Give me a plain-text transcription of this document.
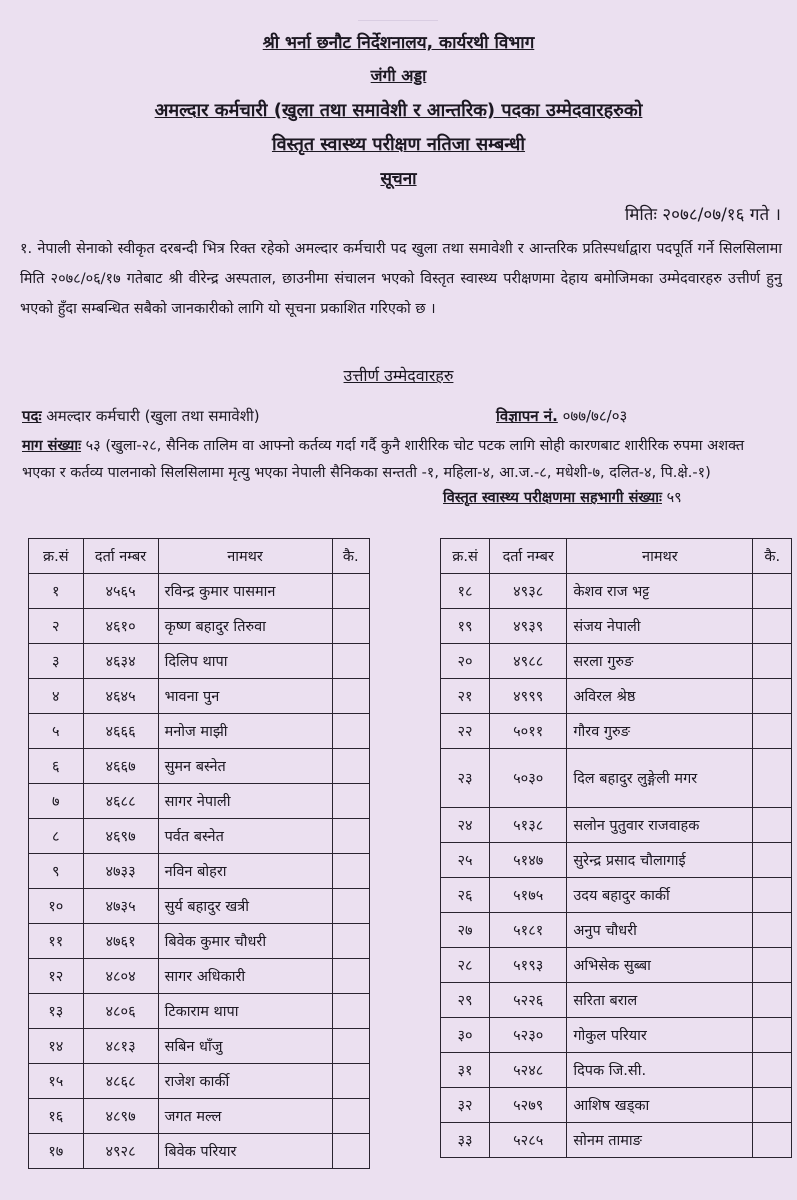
श्री भर्ना छनौट निर्देशनालय, कार्यरथी विभाग
जंगी अड्डा
अमल्दार कर्मचारी (खुला तथा समावेशी र आन्तरिक) पदका उम्मेदवारहरुको
विस्तृत स्वास्थ्य परीक्षण नतिजा सम्बन्धी
सूचना
मितिः २०७८/०७/१६ गते ।
१. नेपाली सेनाको स्वीकृत दरबन्दी भित्र रिक्त रहेको अमल्दार कर्मचारी पद खुला तथा समावेशी र आन्तरिक प्रतिस्पर्धाद्वारा पदपूर्ति गर्ने सिलसिलामा मिति २०७८/०६/१७ गतेबाट श्री वीरेन्द्र अस्पताल, छाउनीमा संचालन भएको विस्तृत स्वास्थ्य परीक्षणमा देहाय बमोजिमका उम्मेदवारहरु उत्तीर्ण हुनु भएको हुँदा सम्बन्धित सबैको जानकारीको लागि यो सूचना प्रकाशित गरिएको छ ।
उत्तीर्ण उम्मेदवारहरु
पदः अमल्दार कर्मचारी (खुला तथा समावेशी)	विज्ञापन नं. ०७७/७८/०३
माग संख्याः ५३ (खुला-२८, सैनिक तालिम वा आफ्नो कर्तव्य गर्दा गर्दै कुनै शारीरिक चोट पटक लागि सोही कारणबाट शारीरिक रुपमा अशक्त भएका र कर्तव्य पालनाको सिलसिलामा मृत्यु भएका नेपाली सैनिकका सन्तती -१, महिला-४, आ.ज.-८, मधेशी-७, दलित-४, पि.क्षे.-१)
विस्तृत स्वास्थ्य परीक्षणमा सहभागी संख्याः ५९
क्र.सं	दर्ता नम्बर	नामथर	कै.
१	४५६५	रविन्द्र कुमार पासमान	
२	४६१०	कृष्ण बहादुर तिरुवा	
३	४६३४	दिलिप थापा	
४	४६४५	भावना पुन	
५	४६६६	मनोज माझी	
६	४६६७	सुमन बस्नेत	
७	४६८८	सागर नेपाली	
८	४६९७	पर्वत बस्नेत	
९	४७३३	नविन बोहरा	
१०	४७३५	सुर्य बहादुर खत्री	
११	४७६१	बिवेक कुमार चौधरी	
१२	४८०४	सागर अधिकारी	
१३	४८०६	टिकाराम थापा	
१४	४८१३	सबिन धाँजु	
१५	४८६८	राजेश कार्की	
१६	४८९७	जगत मल्ल	
१७	४९२८	बिवेक परियार	
क्र.सं	दर्ता नम्बर	नामथर	कै.
१८	४९३८	केशव राज भट्ट	
१९	४९३९	संजय नेपाली	
२०	४९८८	सरला गुरुङ	
२१	४९९९	अविरल श्रेष्ठ	
२२	५०११	गौरव गुरुङ	
२३	५०३०	दिल बहादुर लुङ्गेली मगर	
२४	५१३८	सलोन पुतुवार राजवाहक	
२५	५१४७	सुरेन्द्र प्रसाद चौलागाई	
२६	५१७५	उदय बहादुर कार्की	
२७	५१८१	अनुप चौधरी	
२८	५१९३	अभिसेक सुब्बा	
२९	५२२६	सरिता बराल	
३०	५२३०	गोकुल परियार	
३१	५२४८	दिपक जि.सी.	
३२	५२७९	आशिष खड्का	
३३	५२८५	सोनम तामाङ	
